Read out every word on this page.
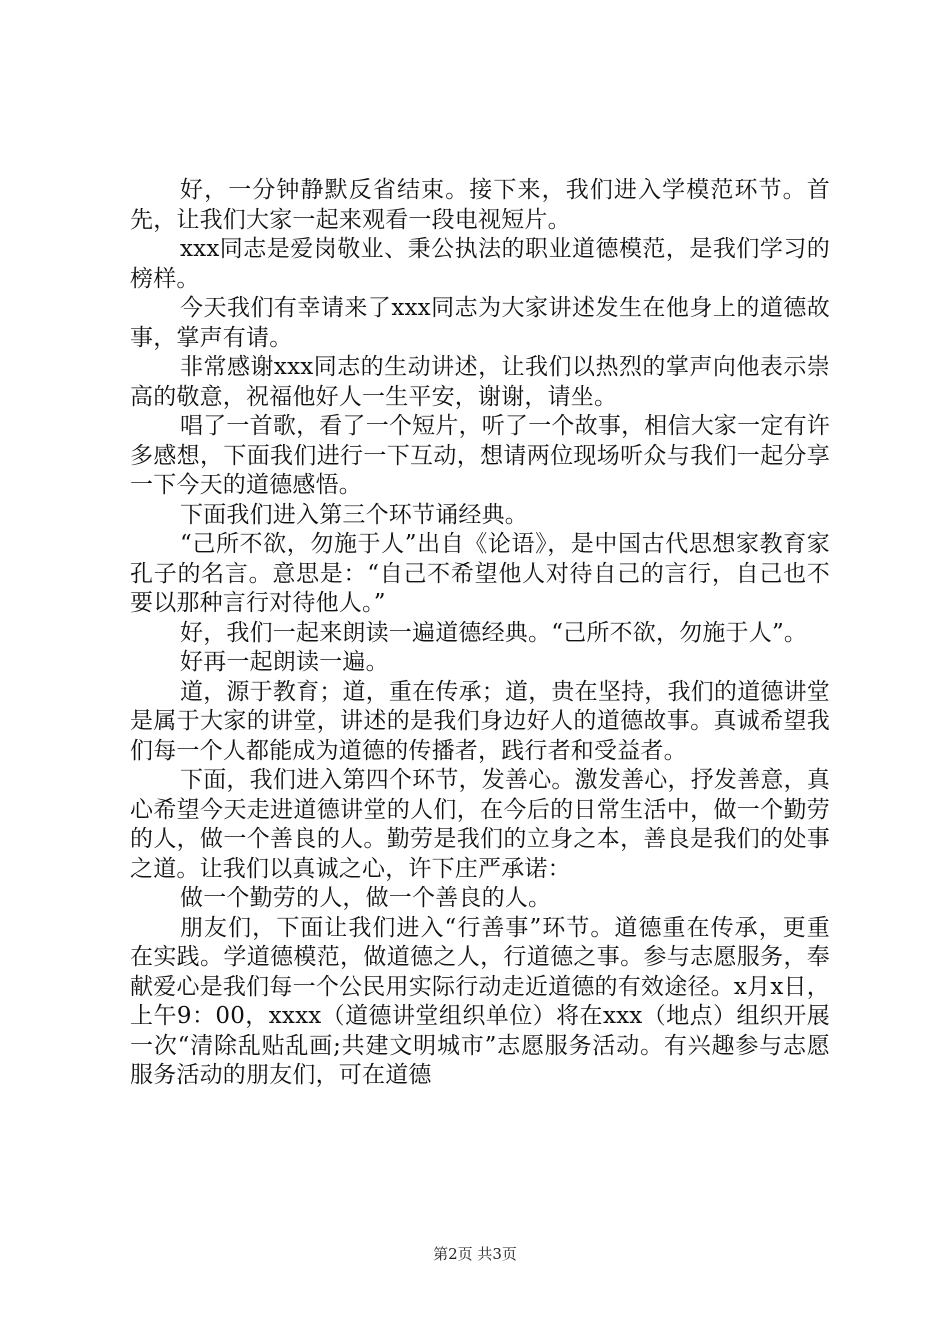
好，一分钟静默反省结束。接下来，我们进入学模范环节。首先，让我们大家一起来观看一段电视短片。

xxx同志是爱岗敬业、秉公执法的职业道德模范，是我们学习的榜样。

今天我们有幸请来了xxx同志为大家讲述发生在他身上的道德故事，掌声有请。

非常感谢xxx同志的生动讲述，让我们以热烈的掌声向他表示崇高的敬意，祝福他好人一生平安，谢谢，请坐。

唱了一首歌，看了一个短片，听了一个故事，相信大家一定有许多感想，下面我们进行一下互动，想请两位现场听众与我们一起分享一下今天的道德感悟。

下面我们进入第三个环节诵经典。

“己所不欲，勿施于人”出自《论语》，是中国古代思想家教育家孔子的名言。意思是：“自己不希望他人对待自己的言行，自己也不要以那种言行对待他人。”

好，我们一起来朗读一遍道德经典。“己所不欲，勿施于人”。

好再一起朗读一遍。

道，源于教育；道，重在传承；道，贵在坚持，我们的道德讲堂是属于大家的讲堂，讲述的是我们身边好人的道德故事。真诚希望我们每一个人都能成为道德的传播者，践行者和受益者。

下面，我们进入第四个环节，发善心。激发善心，抒发善意，真心希望今天走进道德讲堂的人们，在今后的日常生活中，做一个勤劳的人，做一个善良的人。勤劳是我们的立身之本，善良是我们的处事之道。让我们以真诚之心，许下庄严承诺：

做一个勤劳的人，做一个善良的人。

朋友们，下面让我们进入“行善事”环节。道德重在传承，更重在实践。学道德模范，做道德之人，行道德之事。参与志愿服务，奉献爱心是我们每一个公民用实际行动走近道德的有效途径。x月x日，上午9：00，xxxx（道德讲堂组织单位）将在xxx（地点）组织开展一次“清除乱贴乱画;共建文明城市”志愿服务活动。有兴趣参与志愿服务活动的朋友们，可在道德

第2页 共3页
